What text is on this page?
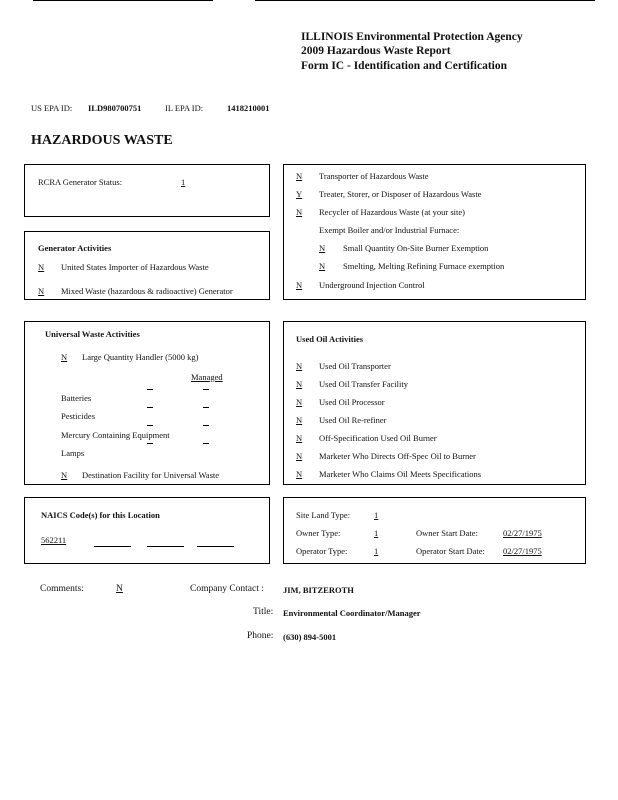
ILLINOIS Environmental Protection Agency
2009 Hazardous Waste Report
Form IC - Identification and Certification
US EPA ID: ILD980700751	IL EPA ID:	1418210001
HAZARDOUS WASTE
RCRA Generator Status:	1
Generator Activities
N United States Importer of Hazardous Waste
N Mixed Waste (hazardous & radioactive) Generator
N Transporter of Hazardous Waste
Y Treater, Storer, or Disposer of Hazardous Waste
N Recycler of Hazardous Waste (at your site)
Exempt Boiler and/or Industrial Furnace:
N Small Quantity On-Site Burner Exemption
N Smelting, Melting Refining Furnace exemption
N Underground Injection Control
Universal Waste Activities
N Large Quantity Handler (5000 kg)
Managed
Batteries
Pesticides
Mercury Containing Equipment
Lamps
N Destination Facility for Universal Waste
Used Oil Activities
N Used Oil Transporter
N Used Oil Transfer Facility
N Used Oil Processor
N Used Oil Re-refiner
N Off-Specification Used Oil Burner
N Marketer Who Directs Off-Spec Oil to Burner
N Marketer Who Claims Oil Meets Specifications
NAICS Code(s) for this Location
562211
Site Land Type:	1
Owner Type:	1
Operator Type:	1
Owner Start Date:	02/27/1975
Operator Start Date: 02/27/1975
Comments:	N	Company Contact : JIM, BITZEROTH
Title: Environmental Coordinator/Manager
Phone: (630) 894-5001
